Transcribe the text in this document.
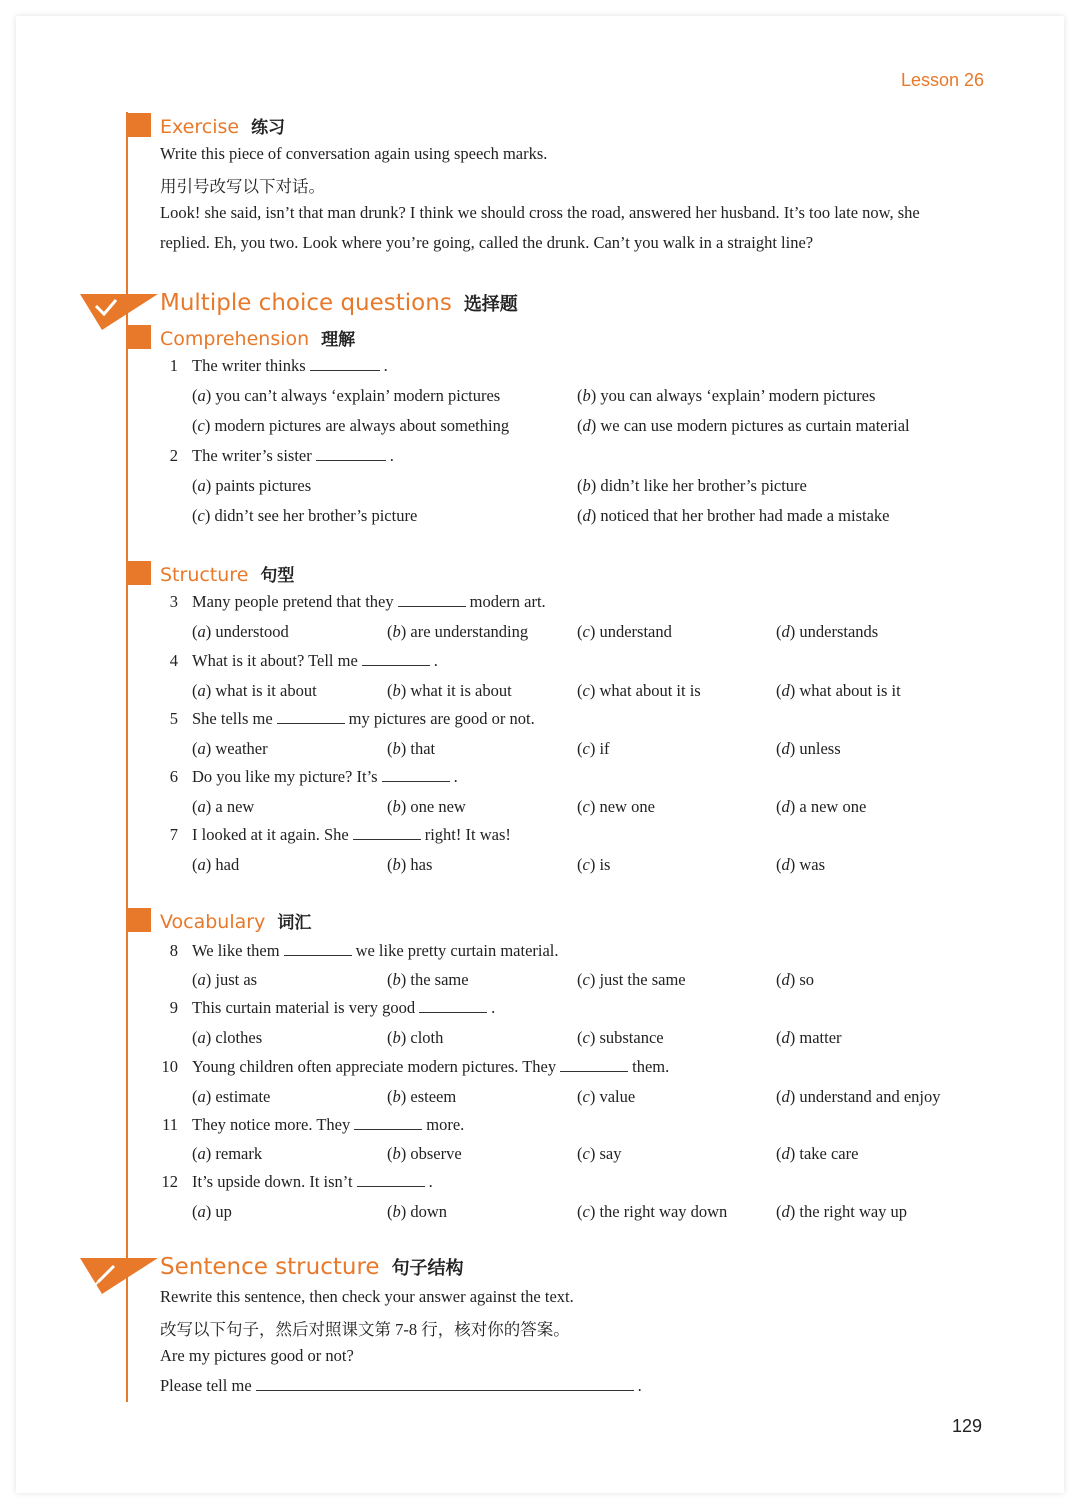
Lesson 26
Exercise 练习
Write this piece of conversation again using speech marks.
用引号改写以下对话。
Look! she said, isn’t that man drunk? I think we should cross the road, answered her husband. It’s too late now, she
replied. Eh, you two. Look where you’re going, called the drunk. Can’t you walk in a straight line?
Multiple choice questions 选择题
Comprehension 理解
1 The writer thinks	.
(a) you can’t always ‘explain’ modern pictures	(b) you can always ‘explain’ modern pictures
(c) modern pictures are always about something	(d) we can use modern pictures as curtain material
2 The writer’s sister	.
(a) paints pictures	(b) didn’t like her brother’s picture
(c) didn’t see her brother’s picture	(d) noticed that her brother had made a mistake
Structure 句型
3 Many people pretend that they	modern art.
(a) understood	(b) are understanding	(c) understand	(d) understands
4 What is it about? Tell me	.
(a) what is it about	(b) what it is about	(c) what about it is	(d) what about is it
5 She tells me	my pictures are good or not.
(a) weather	(b) that	(c) if	(d) unless
6 Do you like my picture? It’s	.
(a) a new	(b) one new	(c) new one	(d) a new one
7 I looked at it again. She	right! It was!
(a) had	(b) has	(c) is	(d) was
Vocabulary 词汇
8 We like them	we like pretty curtain material.
(a) just as	(b) the same	(c) just the same	(d) so
9 This curtain material is very good	.
(a) clothes	(b) cloth	(c) substance	(d) matter
10 Young children often appreciate modern pictures. They	them.
(a) estimate	(b) esteem	(c) value	(d) understand and enjoy
11 They notice more. They	more.
(a) remark	(b) observe	(c) say	(d) take care
12 It’s upside down. It isn’t	.
(a) up	(b) down	(c) the right way down	(d) the right way up
Sentence structure 句子结构
Rewrite this sentence, then check your answer against the text.
改写以下句子，然后对照课文第 7-8 行，核对你的答案。
Are my pictures good or not?
Please tell me	.
129
